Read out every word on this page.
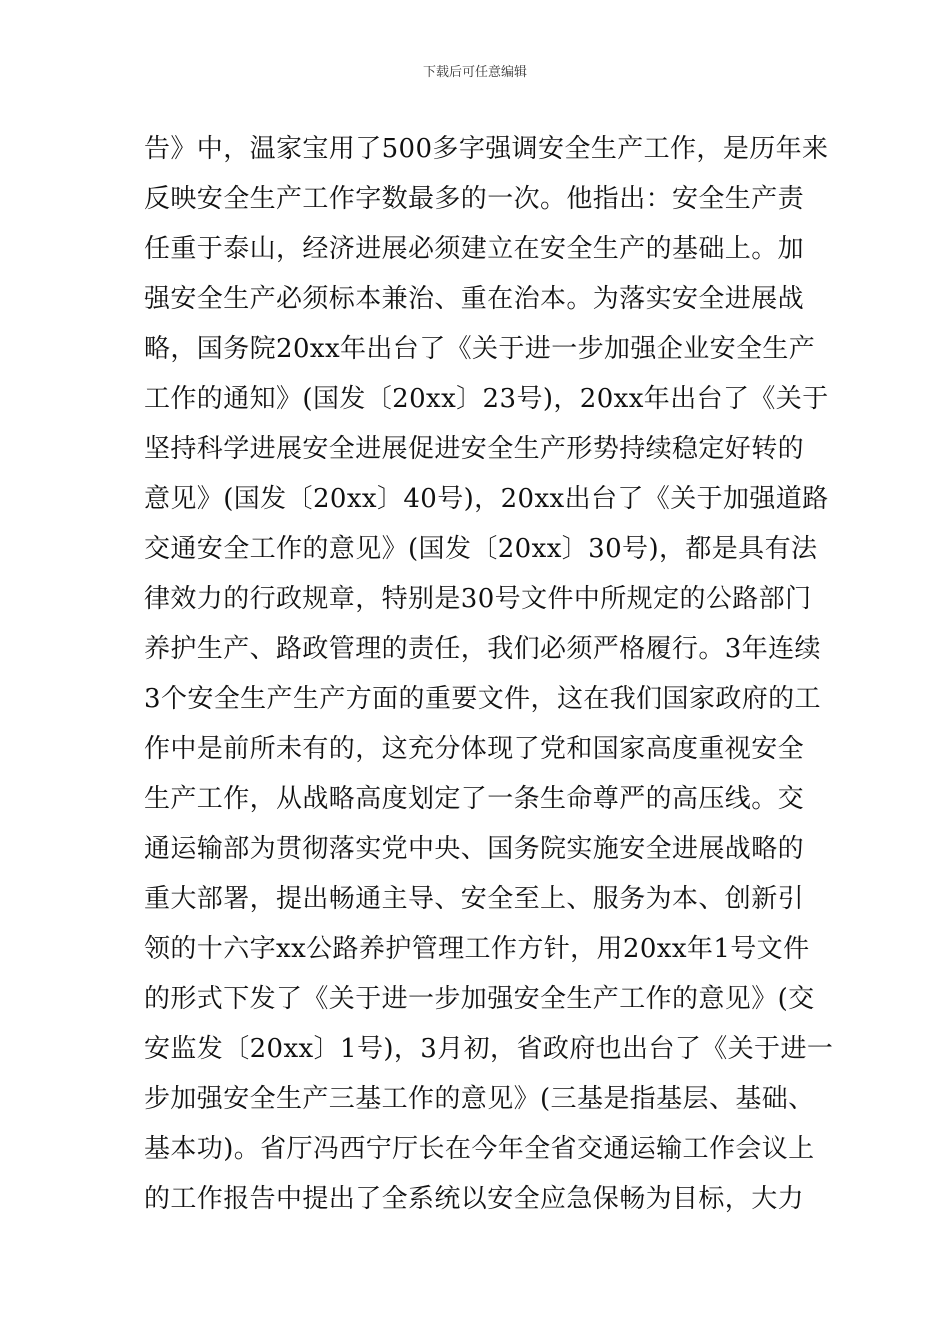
下载后可任意编辑
告》中，温家宝用了500多字强调安全生产工作，是历年来
反映安全生产工作字数最多的一次。他指出：安全生产责
任重于泰山，经济进展必须建立在安全生产的基础上。加
强安全生产必须标本兼治、重在治本。为落实安全进展战
略，国务院20xx年出台了《关于进一步加强企业安全生产
工作的通知》(国发〔20xx〕23号)，20xx年出台了《关于
坚持科学进展安全进展促进安全生产形势持续稳定好转的
意见》(国发〔20xx〕40号)，20xx出台了《关于加强道路
交通安全工作的意见》(国发〔20xx〕30号)，都是具有法
律效力的行政规章，特别是30号文件中所规定的公路部门
养护生产、路政管理的责任，我们必须严格履行。3年连续
3个安全生产生产方面的重要文件，这在我们国家政府的工
作中是前所未有的，这充分体现了党和国家高度重视安全
生产工作，从战略高度划定了一条生命尊严的高压线。交
通运输部为贯彻落实党中央、国务院实施安全进展战略的
重大部署，提出畅通主导、安全至上、服务为本、创新引
领的十六字xx公路养护管理工作方针，用20xx年1号文件
的形式下发了《关于进一步加强安全生产工作的意见》(交
安监发〔20xx〕1号)，3月初，省政府也出台了《关于进一
步加强安全生产三基工作的意见》(三基是指基层、基础、
基本功)。省厅冯西宁厅长在今年全省交通运输工作会议上
的工作报告中提出了全系统以安全应急保畅为目标，大力
